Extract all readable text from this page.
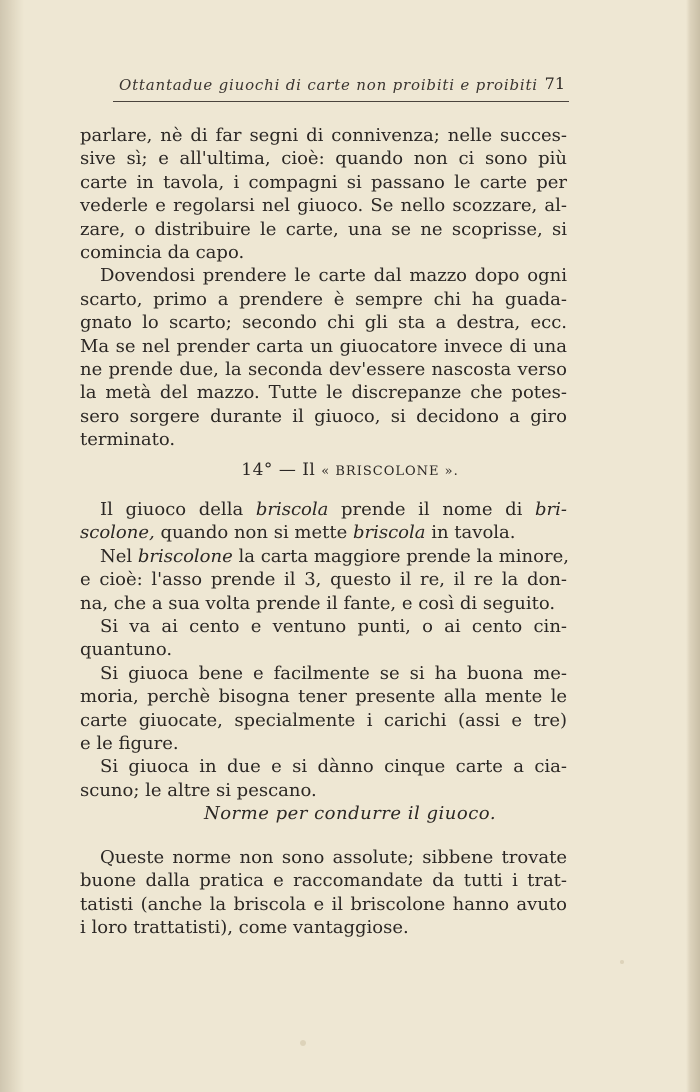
Ottantadue giuochi di carte non proibiti e proibiti 71
parlare, nè di far segni di connivenza; nelle succes-
sive sì; e all'ultima, cioè: quando non ci sono più
carte in tavola, i compagni si passano le carte per
vederle e regolarsi nel giuoco. Se nello scozzare, al-
zare, o distribuire le carte, una se ne scoprisse, si
comincia da capo.
Dovendosi prendere le carte dal mazzo dopo ogni
scarto, primo a prendere è sempre chi ha guada-
gnato lo scarto; secondo chi gli sta a destra, ecc.
Ma se nel prender carta un giuocatore invece di una
ne prende due, la seconda dev'essere nascosta verso
la metà del mazzo. Tutte le discrepanze che potes-
sero sorgere durante il giuoco, si decidono a giro
terminato.
14° — Il « BRISCOLONE ».
Il giuoco della briscola prende il nome di bri-
scolone, quando non si mette briscola in tavola.
Nel briscolone la carta maggiore prende la minore,
e cioè: l'asso prende il 3, questo il re, il re la don-
na, che a sua volta prende il fante, e così di seguito.
Si va ai cento e ventuno punti, o ai cento cin-
quantuno.
Si giuoca bene e facilmente se si ha buona me-
moria, perchè bisogna tener presente alla mente le
carte giuocate, specialmente i carichi (assi e tre)
e le figure.
Si giuoca in due e si dànno cinque carte a cia-
scuno; le altre si pescano.
Norme per condurre il giuoco.
Queste norme non sono assolute; sibbene trovate
buone dalla pratica e raccomandate da tutti i trat-
tatisti (anche la briscola e il briscolone hanno avuto
i loro trattatisti), come vantaggiose.
